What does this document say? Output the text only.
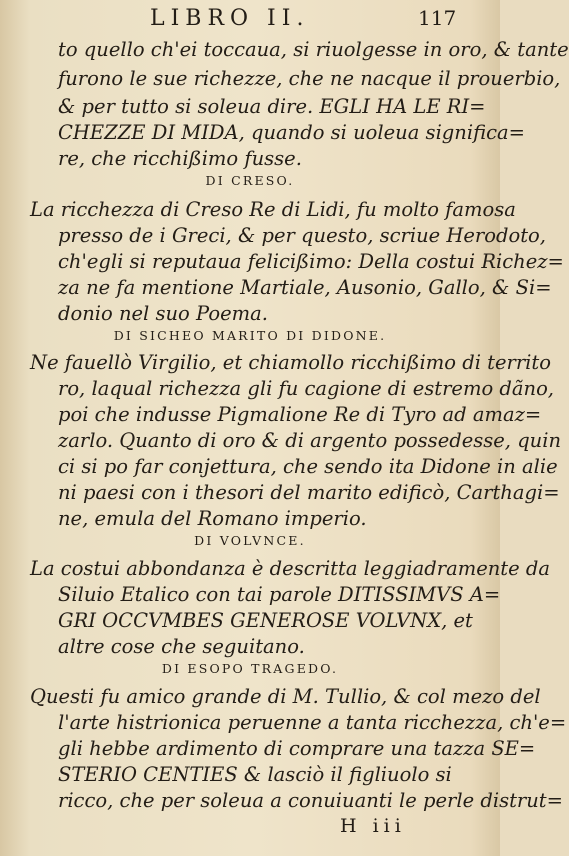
LIBRO II.	117
to quello ch'ei toccaua, si riuolgesse in oro, & tante
furono le sue richezze, che ne nacque il prouerbio,
& per tutto si soleua dire. EGLI HA LE RI=
CHEZZE DI MIDA, quando si uoleua significa=
re, che ricchißimo fusse.
DI CRESO.
La ricchezza di Creso Re di Lidi, fu molto famosa
presso de i Greci, & per questo, scriue Herodoto,
ch'egli si reputaua felicißimo: Della costui Richez=
za ne fa mentione Martiale, Ausonio, Gallo, & Si=
donio nel suo Poema.
DI SICHEO MARITO DI DIDONE.
Ne fauellò Virgilio, et chiamollo ricchißimo di territo
ro, laqual richezza gli fu cagione di estremo dãno,
poi che indusse Pigmalione Re di Tyro ad amaz=
zarlo. Quanto di oro & di argento possedesse, quin
ci si po far conjettura, che sendo ita Didone in alie
ni paesi con i thesori del marito edificò, Carthagi=
ne, emula del Romano imperio.
DI VOLVNCE.
La costui abbondanza è descritta leggiadramente da
Siluio Etalico con tai parole DITISSIMVS A=
GRI OCCVMBES GENEROSE VOLVNX, et
altre cose che seguitano.
DI ESOPO TRAGEDO.
Questi fu amico grande di M. Tullio, & col mezo del
l'arte histrionica peruenne a tanta ricchezza, ch'e=
gli hebbe ardimento di comprare una tazza SE=
STERIO CENTIES & lasciò il figliuolo si
ricco, che per soleua a conuiuanti le perle distrut=
H iii
